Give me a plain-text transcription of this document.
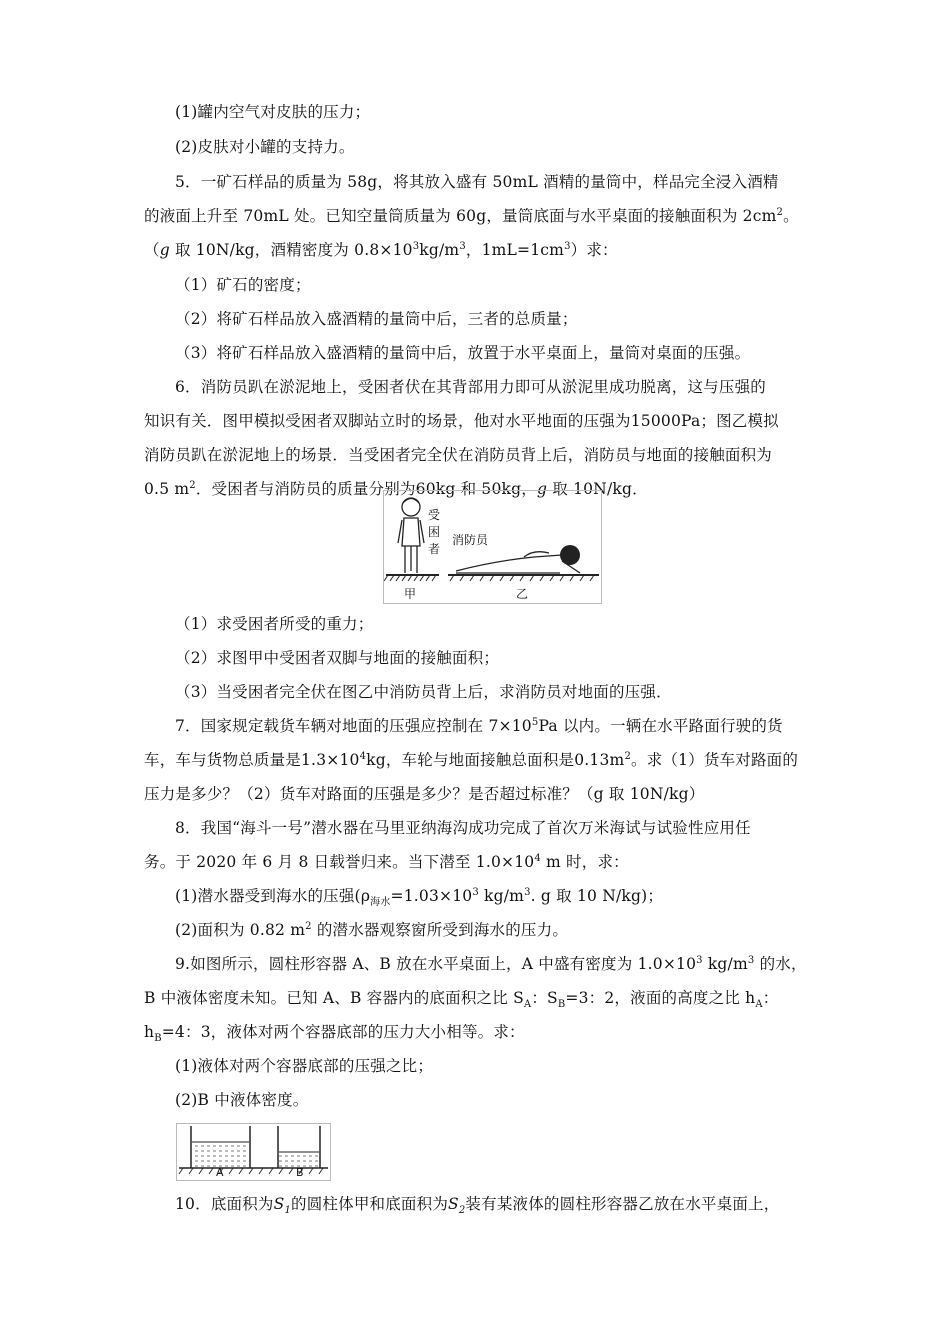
(1)罐内空气对皮肤的压力；
(2)皮肤对小罐的支持力。
5．一矿石样品的质量为 58g，将其放入盛有 50mL 酒精的量筒中，样品完全浸入酒精
的液面上升至 70mL 处。已知空量筒质量为 60g，量筒底面与水平桌面的接触面积为 $2cm^2$。
（g 取 10N/kg，酒精密度为 $0.8\times 10^3kg/m^3$，$1mL=1cm^3$）求：
（1）矿石的密度；
（2）将矿石样品放入盛酒精的量筒中后，三者的总质量；
（3）将矿石样品放入盛酒精的量筒中后，放置于水平桌面上，量筒对桌面的压强。
6．消防员趴在淤泥地上，受困者伏在其背部用力即可从淤泥里成功脱离，这与压强的
知识有关．图甲模拟受困者双脚站立时的场景，他对水平地面的压强为15000Pa；图乙模拟
消防员趴在淤泥地上的场景．当受困者完全伏在消防员背上后，消防员与地面的接触面积为
0.5 $m^2$．受困者与消防员的质量分别为60kg 和 50kg，g 取 10N/kg．
受困者
消防员
甲	乙
（1）求受困者所受的重力；
（2）求图甲中受困者双脚与地面的接触面积；
（3）当受困者完全伏在图乙中消防员背上后，求消防员对地面的压强．
7．国家规定载货车辆对地面的压强应控制在 $7\times 10^5Pa$ 以内。一辆在水平路面行驶的货
车，车与货物总质量是$1.3\times 10^4kg$，车轮与地面接触总面积是$0.13m^2$。求（1）货车对路面的
压力是多少？（2）货车对路面的压强是多少？是否超过标准？（g 取 10N/kg）
8．我国“海斗一号”潜水器在马里亚纳海沟成功完成了首次万米海试与试验性应用任
务。于 2020 年 6 月 8 日载誉归来。当下潜至 $1.0\times 10^4$ m 时，求：
(1)潜水器受到海水的压强($\rho_{海水}=1.03\times 10^3$ $kg/m^3$. g 取 10 N/kg)；
(2)面积为 0.82 $m^2$ 的潜水器观察窗所受到海水的压力。
9.如图所示，圆柱形容器 A、B 放在水平桌面上，A 中盛有密度为 $1.0\times 10^3$ $kg/m^3$ 的水，
B 中液体密度未知。已知 A、B 容器内的底面积之比 $S_A$：$S_B=3$：2，液面的高度之比 $h_A$：
$h_B=4$：3，液体对两个容器底部的压力大小相等。求：
(1)液体对两个容器底部的压强之比；
(2)B 中液体密度。
A	B
10．底面积为$S_1$的圆柱体甲和底面积为$S_2$装有某液体的圆柱形容器乙放在水平桌面上，
